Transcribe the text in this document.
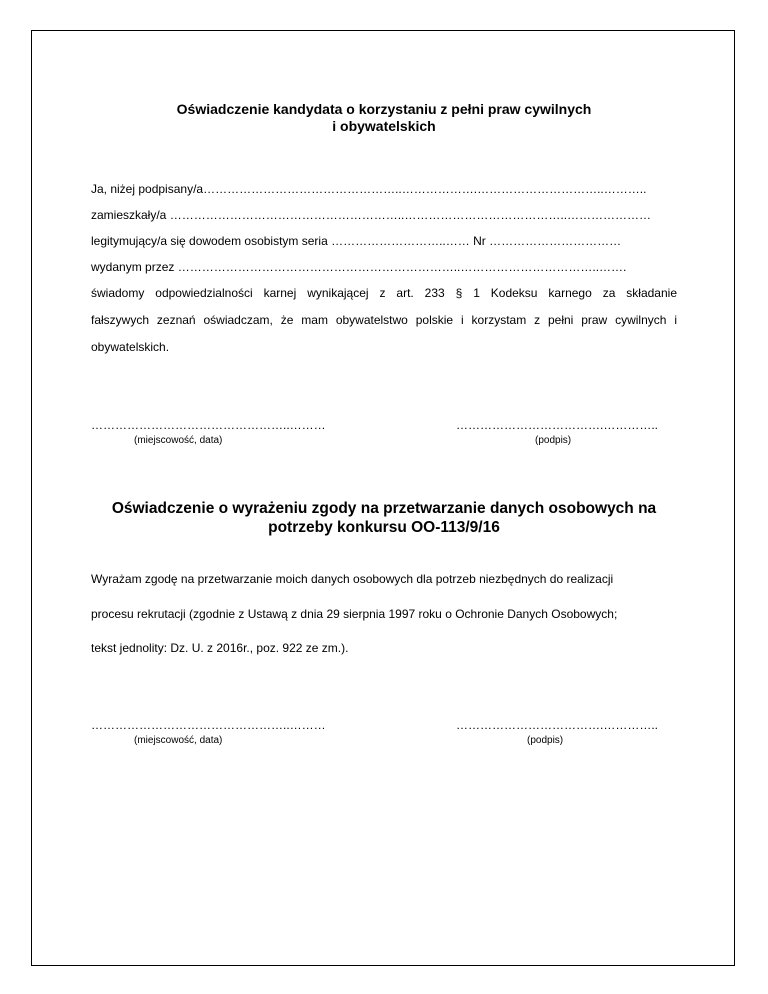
Oświadczenie kandydata o korzystaniu z pełni praw cywilnych
i obywatelskich

Ja, niżej podpisany/a…………………………………………..……………….…………………………..………..

zamieszkały/a …………………………………………………..…………………………………..…………………

legitymujący/a się dowodem osobistym seria ………………………..…… Nr ……………………………

wydanym przez ……………………………………………………………..……………………………..…….

świadomy odpowiedzialności karnej wynikającej z art. 233 § 1 Kodeksu karnego za składanie

fałszywych zeznań oświadczam, że mam obywatelstwo polskie i korzystam z pełni praw cywilnych i

obywatelskich.

…………………………………………..………

(miejscowość, data)

……………………………….…………..

(podpis)

Oświadczenie o wyrażeniu zgody na przetwarzanie danych osobowych na
potrzeby konkursu OO-113/9/16

Wyrażam zgodę na przetwarzanie moich danych osobowych dla potrzeb niezbędnych do realizacji

procesu rekrutacji (zgodnie z Ustawą z dnia 29 sierpnia 1997 roku o Ochronie Danych Osobowych;

tekst jednolity: Dz. U. z 2016r., poz. 922 ze zm.).

…………………………………………..………

(miejscowość, data)

……………………………….…………..

(podpis)
